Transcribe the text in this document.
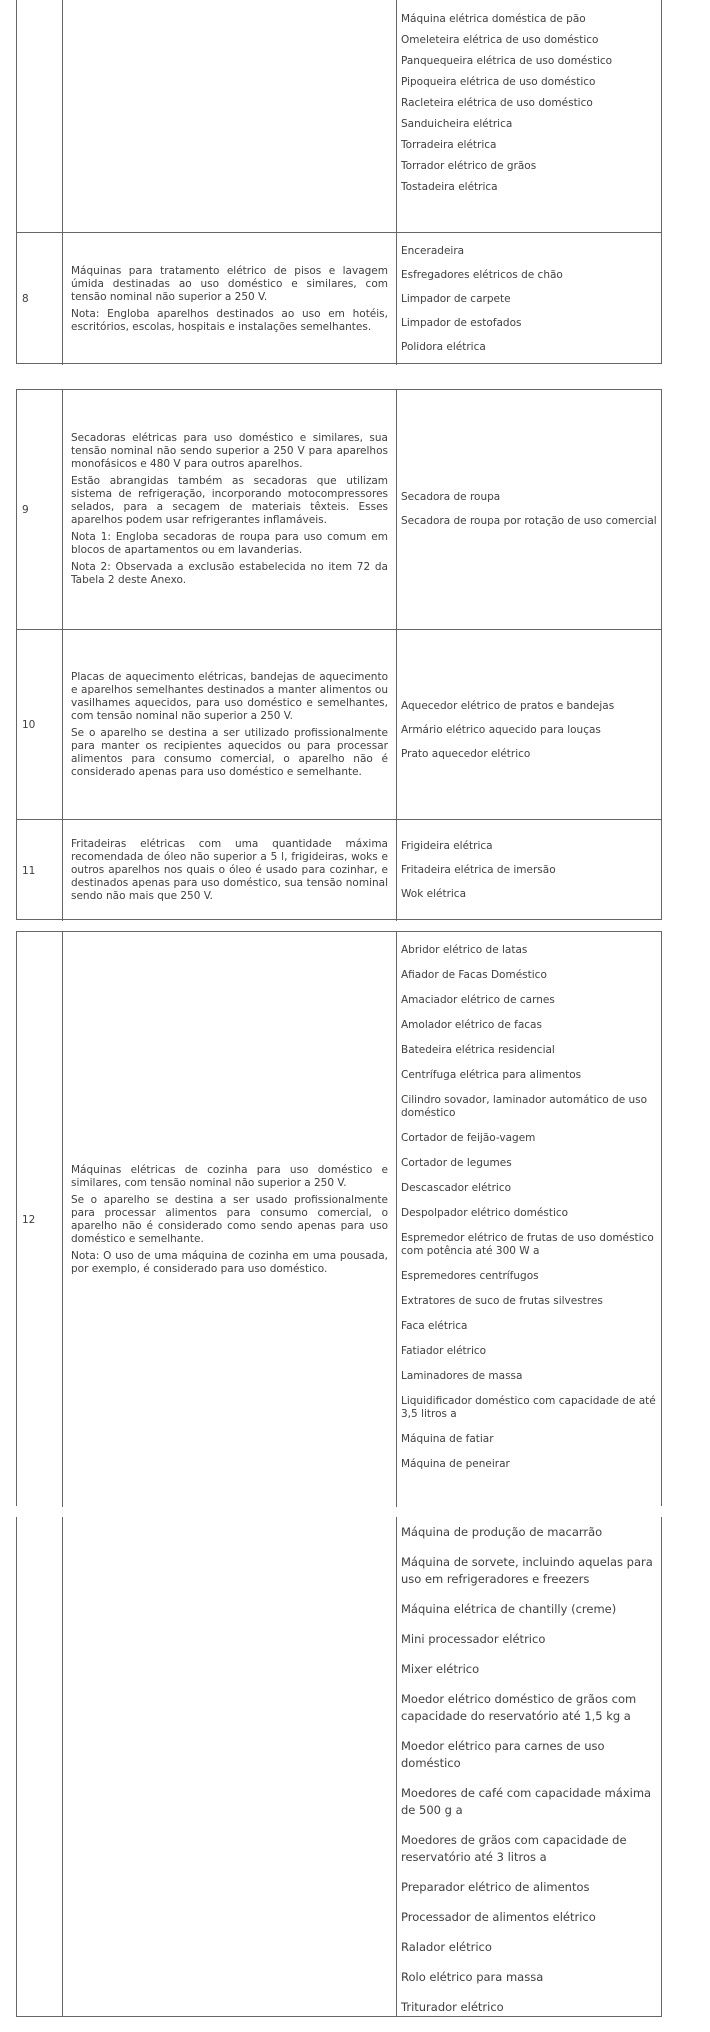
Máquina elétrica doméstica de pão
Omeleteira elétrica de uso doméstico
Panquequeira elétrica de uso doméstico
Pipoqueira elétrica de uso doméstico
Racleteira elétrica de uso doméstico
Sanduicheira elétrica
Torradeira elétrica
Torrador elétrico de grãos
Tostadeira elétrica
8

Máquinas para tratamento elétrico de pisos e lavagem úmida destinadas ao uso doméstico e similares, com tensão nominal não superior a 250 V.

Nota: Engloba aparelhos destinados ao uso em hotéis, escritórios, escolas, hospitais e instalações semelhantes.

Enceradeira
Esfregadores elétricos de chão
Limpador de carpete
Limpador de estofados
Polidora elétrica
9

Secadoras elétricas para uso doméstico e similares, sua tensão nominal não sendo superior a 250 V para aparelhos monofásicos e 480 V para outros aparelhos.

Estão abrangidas também as secadoras que utilizam sistema de refrigeração, incorporando motocompressores selados, para a secagem de materiais têxteis. Esses aparelhos podem usar refrigerantes inflamáveis.

Nota 1: Engloba secadoras de roupa para uso comum em blocos de apartamentos ou em lavanderias.

Nota 2: Observada a exclusão estabelecida no item 72 da Tabela 2 deste Anexo.

Secadora de roupa
Secadora de roupa por rotação de uso comercial
10

Placas de aquecimento elétricas, bandejas de aquecimento e aparelhos semelhantes destinados a manter alimentos ou vasilhames aquecidos, para uso doméstico e semelhantes, com tensão nominal não superior a 250 V.

Se o aparelho se destina a ser utilizado profissionalmente para manter os recipientes aquecidos ou para processar alimentos para consumo comercial, o aparelho não é considerado apenas para uso doméstico e semelhante.

Aquecedor elétrico de pratos e bandejas
Armário elétrico aquecido para louças
Prato aquecedor elétrico
11

Fritadeiras elétricas com uma quantidade máxima recomendada de óleo não superior a 5 l, frigideiras, woks e outros aparelhos nos quais o óleo é usado para cozinhar, e destinados apenas para uso doméstico, sua tensão nominal sendo não mais que 250 V.

Frigideira elétrica
Fritadeira elétrica de imersão
Wok elétrica
12

Máquinas elétricas de cozinha para uso doméstico e similares, com tensão nominal não superior a 250 V.

Se o aparelho se destina a ser usado profissionalmente para processar alimentos para consumo comercial, o aparelho não é considerado como sendo apenas para uso doméstico e semelhante.

Nota: O uso de uma máquina de cozinha em uma pousada, por exemplo, é considerado para uso doméstico.

Abridor elétrico de latas
Afiador de Facas Doméstico
Amaciador elétrico de carnes
Amolador elétrico de facas
Batedeira elétrica residencial
Centrífuga elétrica para alimentos
Cilindro sovador, laminador automático de uso doméstico
Cortador de feijão-vagem
Cortador de legumes
Descascador elétrico
Despolpador elétrico doméstico
Espremedor elétrico de frutas de uso doméstico com potência até 300 W a
Espremedores centrífugos
Extratores de suco de frutas silvestres
Faca elétrica
Fatiador elétrico
Laminadores de massa
Liquidificador doméstico com capacidade de até 3,5 litros a
Máquina de fatiar
Máquina de peneirar
Máquina de produção de macarrão
Máquina de sorvete, incluindo aquelas para uso em refrigeradores e freezers
Máquina elétrica de chantilly (creme)
Mini processador elétrico
Mixer elétrico
Moedor elétrico doméstico de grãos com capacidade do reservatório até 1,5 kg a
Moedor elétrico para carnes de uso doméstico
Moedores de café com capacidade máxima de 500 g a
Moedores de grãos com capacidade de reservatório até 3 litros a
Preparador elétrico de alimentos
Processador de alimentos elétrico
Ralador elétrico
Rolo elétrico para massa
Triturador elétrico
